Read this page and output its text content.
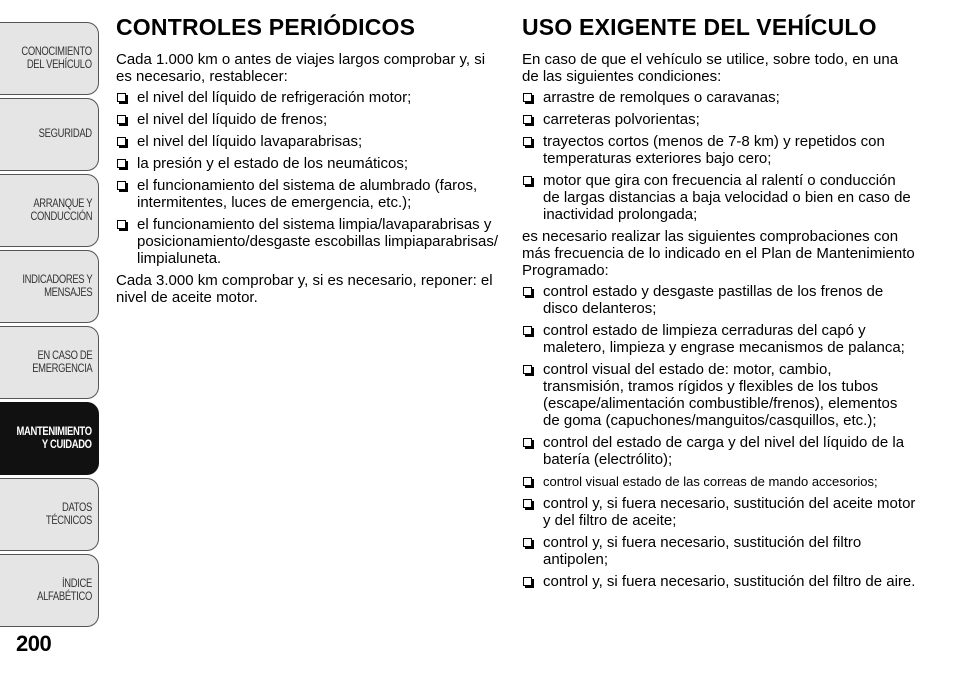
CONOCIMIENTO
DEL VEHÍCULO
SEGURIDAD
ARRANQUE Y
CONDUCCIÓN
INDICADORES Y
MENSAJES
EN CASO DE
EMERGENCIA
MANTENIMIENTO
Y CUIDADO
DATOS TÉCNICOS
ÍNDICE ALFABÉTICO
200
CONTROLES PERIÓDICOS

Cada 1.000 km o antes de viajes largos comprobar y, si es necesario, restablecer:

el nivel del líquido de refrigeración motor;
el nivel del líquido de frenos;
el nivel del líquido lavaparabrisas;
la presión y el estado de los neumáticos;
el funcionamiento del sistema de alumbrado (faros, intermitentes, luces de emergencia, etc.);
el funcionamiento del sistema limpia/lavaparabrisas y posicionamiento/desgaste escobillas limpiaparabrisas/ limpialuneta.

Cada 3.000 km comprobar y, si es necesario, reponer: el nivel de aceite motor.

USO EXIGENTE DEL VEHÍCULO

En caso de que el vehículo se utilice, sobre todo, en una de las siguientes condiciones:

arrastre de remolques o caravanas;
carreteras polvorientas;
trayectos cortos (menos de 7-8 km) y repetidos con temperaturas exteriores bajo cero;
motor que gira con frecuencia al ralentí o conducción de largas distancias a baja velocidad o bien en caso de inactividad prolongada;

es necesario realizar las siguientes comprobaciones con más frecuencia de lo indicado en el Plan de Mantenimiento Programado:

control estado y desgaste pastillas de los frenos de disco delanteros;
control estado de limpieza cerraduras del capó y maletero, limpieza y engrase mecanismos de palanca;
control visual del estado de: motor, cambio, transmisión, tramos rígidos y flexibles de los tubos (escape/alimentación combustible/frenos), elementos de goma (capuchones/manguitos/casquillos, etc.);
control del estado de carga y del nivel del líquido de la batería (electrólito);
control visual estado de las correas de mando accesorios;
control y, si fuera necesario, sustitución del aceite motor y del filtro de aceite;
control y, si fuera necesario, sustitución del filtro antipolen;
control y, si fuera necesario, sustitución del filtro de aire.
